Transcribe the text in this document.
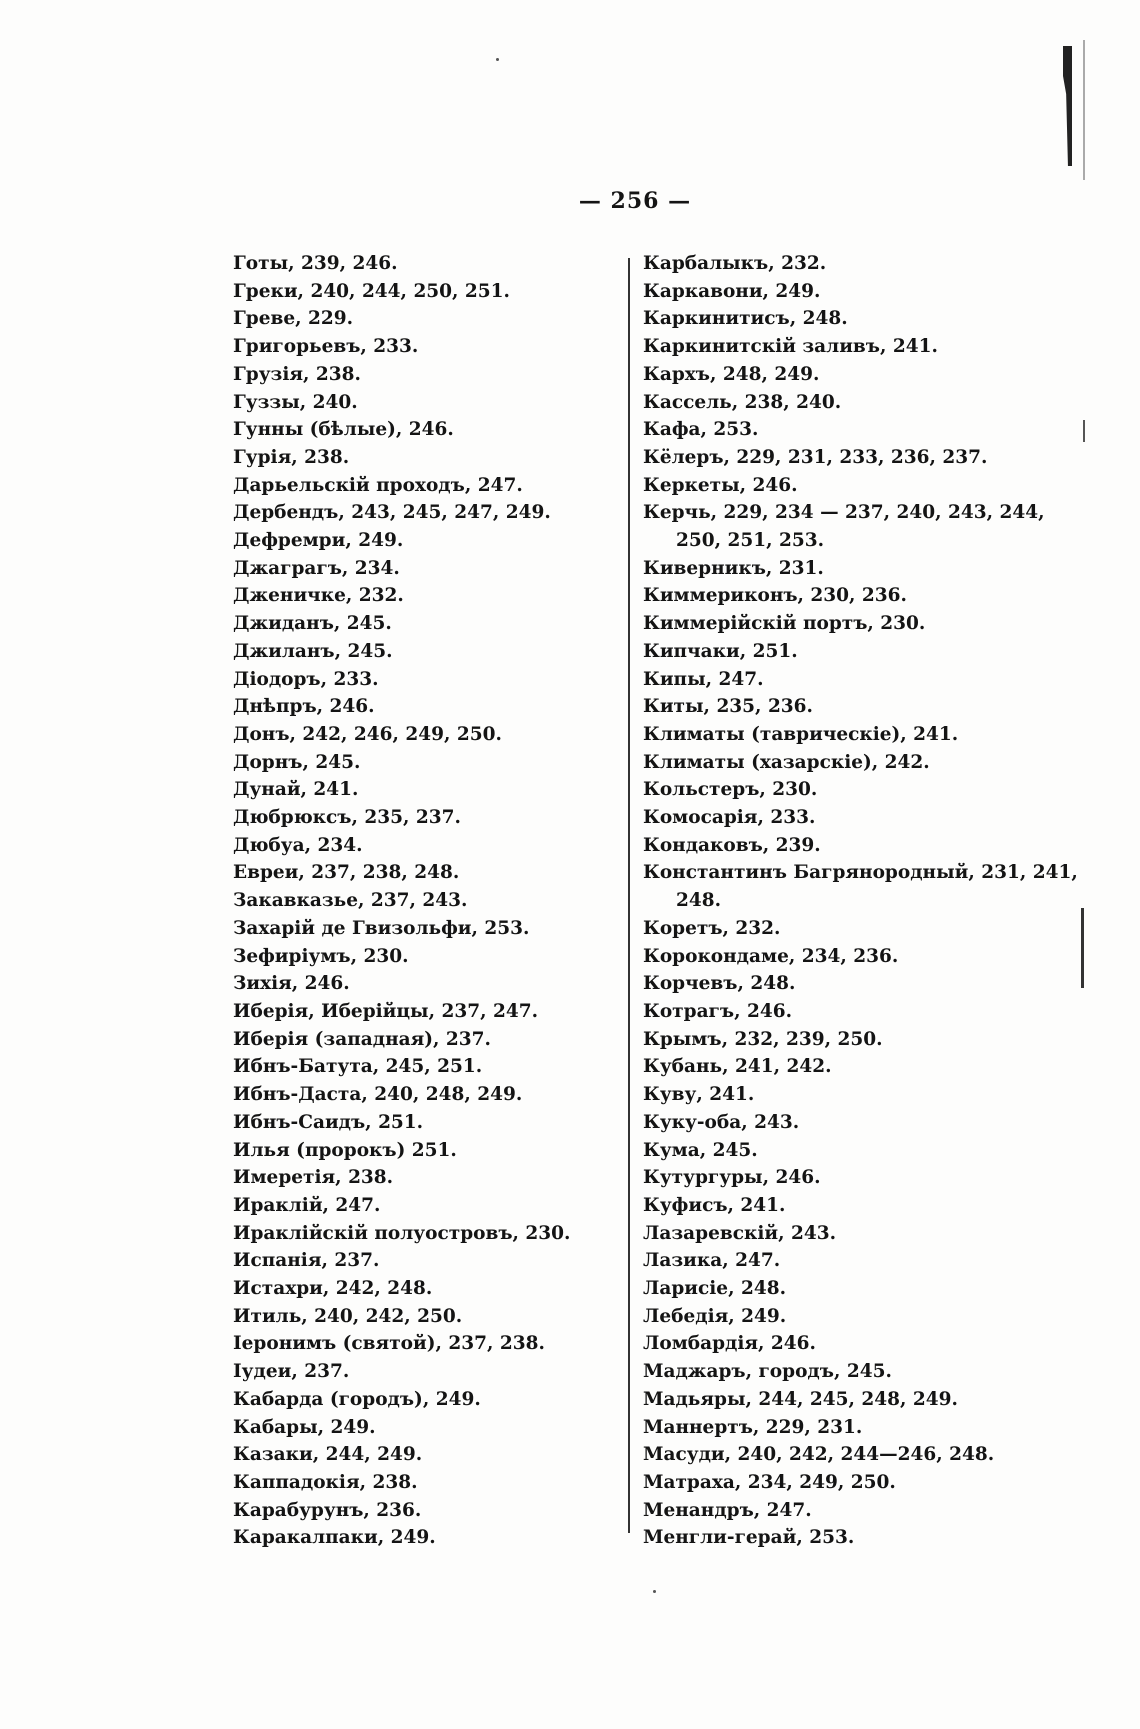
— 256 —
Готы, 239, 246.
Греки, 240, 244, 250, 251.
Греве, 229.
Григорьевъ, 233.
Грузія, 238.
Гуззы, 240.
Гунны (бѣлые), 246.
Гурія, 238.
Дарьельскій проходъ, 247.
Дербендъ, 243, 245, 247, 249.
Дефремри, 249.
Джаграгъ, 234.
Дженичке, 232.
Джиданъ, 245.
Джиланъ, 245.
Діодоръ, 233.
Днѣпръ, 246.
Донъ, 242, 246, 249, 250.
Дорнъ, 245.
Дунай, 241.
Дюбрюксъ, 235, 237.
Дюбуа, 234.
Евреи, 237, 238, 248.
Закавказье, 237, 243.
Захарій де Гвизольфи, 253.
Зефиріумъ, 230.
Зихія, 246.
Иберія, Иберійцы, 237, 247.
Иберія (западная), 237.
Ибнъ-Батута, 245, 251.
Ибнъ-Даста, 240, 248, 249.
Ибнъ-Саидъ, 251.
Илья (пророкъ) 251.
Имеретія, 238.
Ираклій, 247.
Ираклійскій полуостровъ, 230.
Испанія, 237.
Истахри, 242, 248.
Итиль, 240, 242, 250.
Іеронимъ (святой), 237, 238.
Іудеи, 237.
Кабарда (городъ), 249.
Кабары, 249.
Казаки, 244, 249.
Каппадокія, 238.
Карабурунъ, 236.
Каракалпаки, 249.
Карбалыкъ, 232.
Каркавони, 249.
Каркинитисъ, 248.
Каркинитскій заливъ, 241.
Кархъ, 248, 249.
Кассель, 238, 240.
Кафа, 253.
Кёлеръ, 229, 231, 233, 236, 237.
Керкеты, 246.
Керчь, 229, 234 — 237, 240, 243, 244,
250, 251, 253.
Киверникъ, 231.
Киммериконъ, 230, 236.
Киммерійскій портъ, 230.
Кипчаки, 251.
Кипы, 247.
Киты, 235, 236.
Климаты (таврическіе), 241.
Климаты (хазарскіе), 242.
Кольстеръ, 230.
Комосарія, 233.
Кондаковъ, 239.
Константинъ Багрянородный, 231, 241,
248.
Коретъ, 232.
Корокондаме, 234, 236.
Корчевъ, 248.
Котрагъ, 246.
Крымъ, 232, 239, 250.
Кубань, 241, 242.
Куву, 241.
Куку-оба, 243.
Кума, 245.
Кутургуры, 246.
Куфисъ, 241.
Лазаревскій, 243.
Лазика, 247.
Ларисіе, 248.
Лебедія, 249.
Ломбардія, 246.
Маджаръ, городъ, 245.
Мадьяры, 244, 245, 248, 249.
Маннертъ, 229, 231.
Масуди, 240, 242, 244—246, 248.
Матраха, 234, 249, 250.
Менандръ, 247.
Менгли-герай, 253.
